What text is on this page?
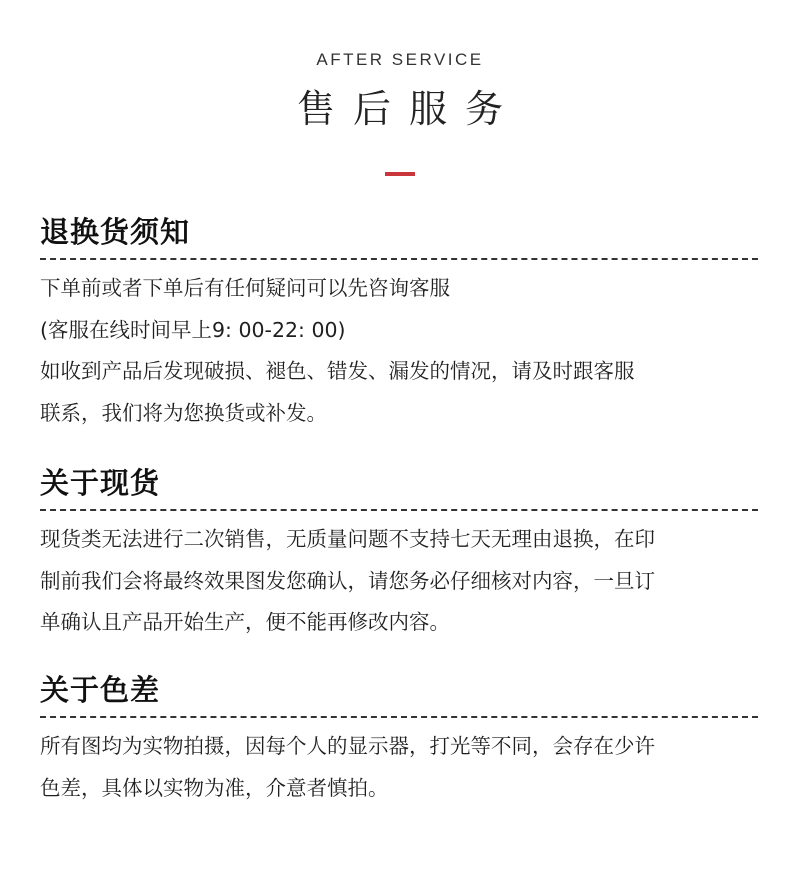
AFTER SERVICE
售后服务
退换货须知
下单前或者下单后有任何疑问可以先咨询客服
(客服在线时间早上9: 00-22: 00)
如收到产品后发现破损、褪色、错发、漏发的情况，请及时跟客服
联系，我们将为您换货或补发。
关于现货
现货类无法进行二次销售，无质量问题不支持七天无理由退换，在印
制前我们会将最终效果图发您确认，请您务必仔细核对内容，一旦订
单确认且产品开始生产，便不能再修改内容。
关于色差
所有图均为实物拍摄，因每个人的显示器，打光等不同，会存在少许
色差，具体以实物为准，介意者慎拍。
